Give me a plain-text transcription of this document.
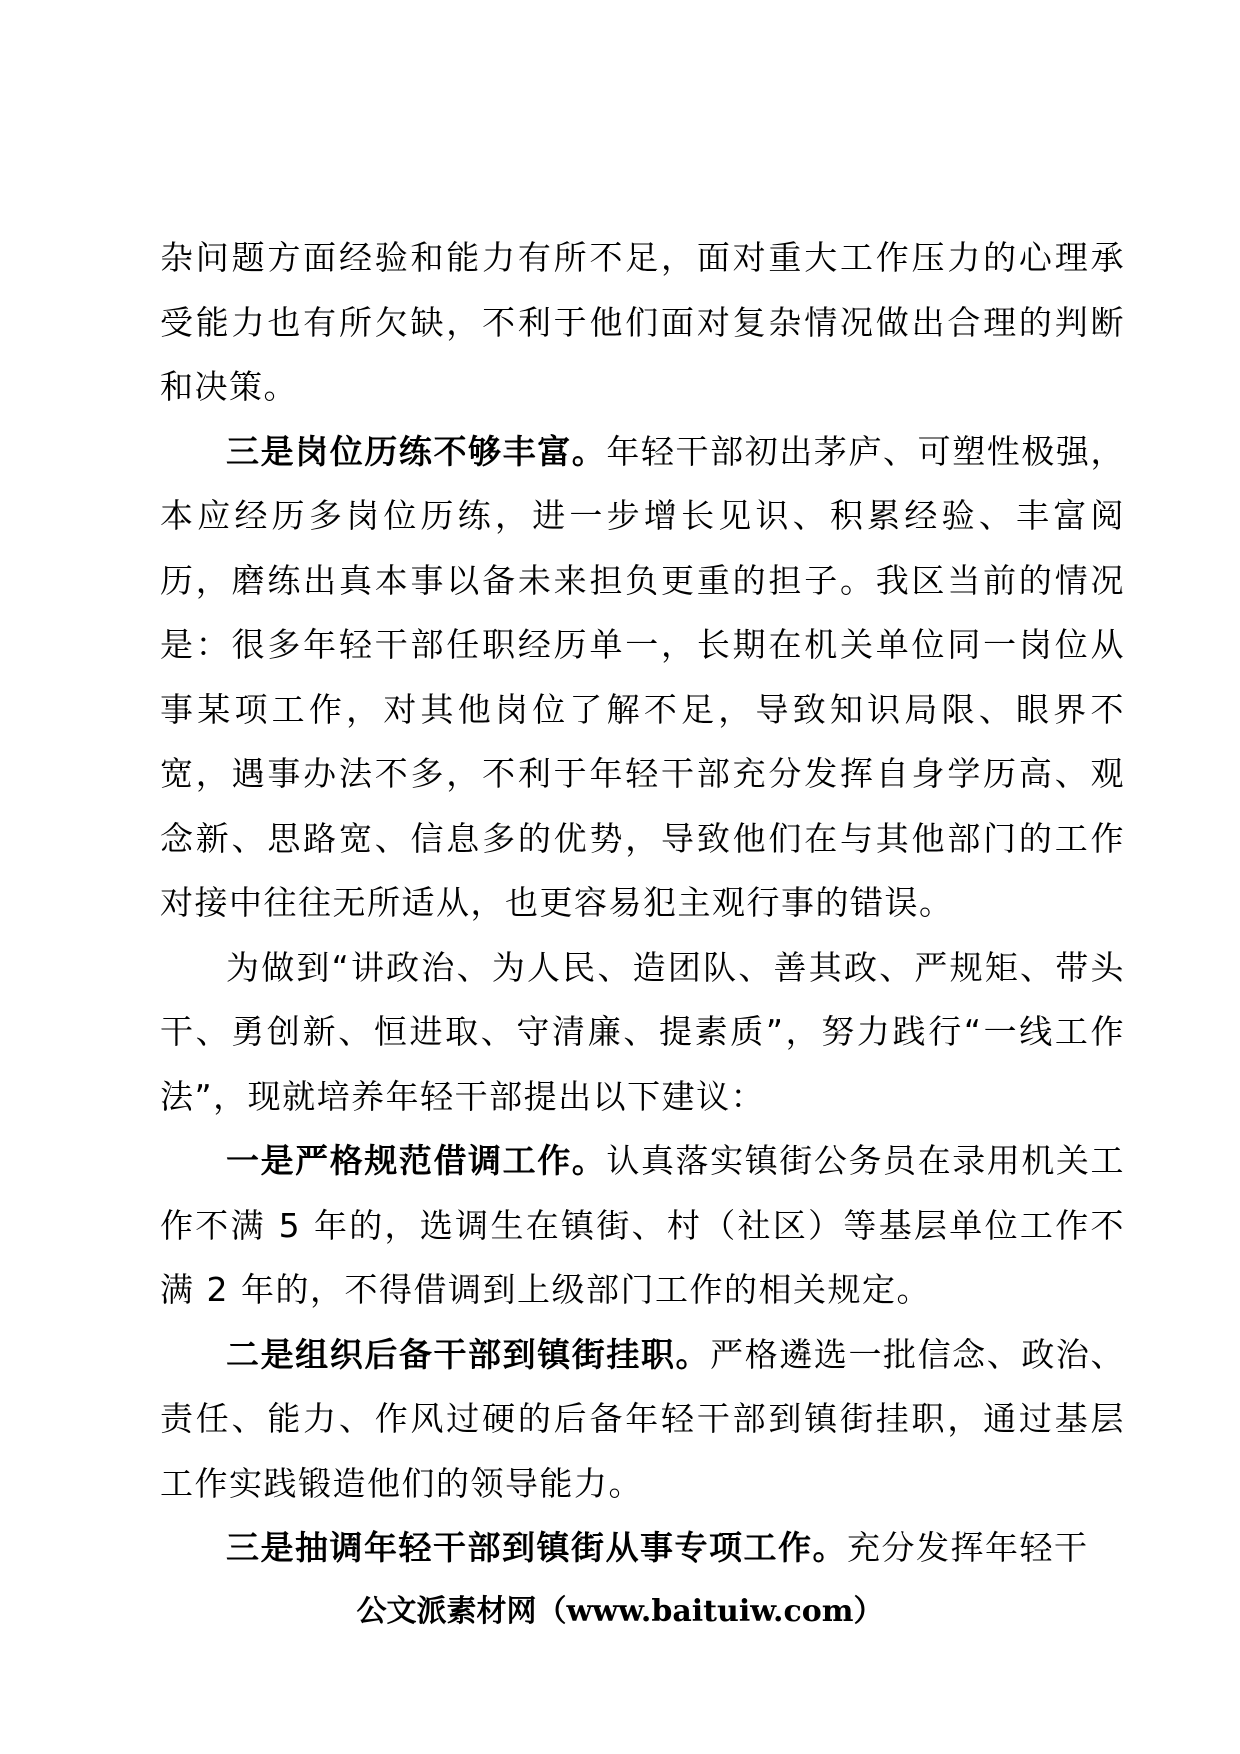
杂问题方面经验和能力有所不足，面对重大工作压力的心理承受能力也有所欠缺，不利于他们面对复杂情况做出合理的判断和决策。

三是岗位历练不够丰富。年轻干部初出茅庐、可塑性极强，本应经历多岗位历练，进一步增长见识、积累经验、丰富阅历，磨练出真本事以备未来担负更重的担子。我区当前的情况是：很多年轻干部任职经历单一，长期在机关单位同一岗位从事某项工作，对其他岗位了解不足，导致知识局限、眼界不宽，遇事办法不多，不利于年轻干部充分发挥自身学历高、观念新、思路宽、信息多的优势，导致他们在与其他部门的工作对接中往往无所适从，也更容易犯主观行事的错误。

为做到“讲政治、为人民、造团队、善其政、严规矩、带头干、勇创新、恒进取、守清廉、提素质”，努力践行“一线工作法”，现就培养年轻干部提出以下建议：

一是严格规范借调工作。认真落实镇街公务员在录用机关工作不满 5 年的，选调生在镇街、村（社区）等基层单位工作不满 2 年的，不得借调到上级部门工作的相关规定。

二是组织后备干部到镇街挂职。严格遴选一批信念、政治、责任、能力、作风过硬的后备年轻干部到镇街挂职，通过基层工作实践锻造他们的领导能力。

三是抽调年轻干部到镇街从事专项工作。充分发挥年轻干

公文派素材网（www.baituiw.com）
